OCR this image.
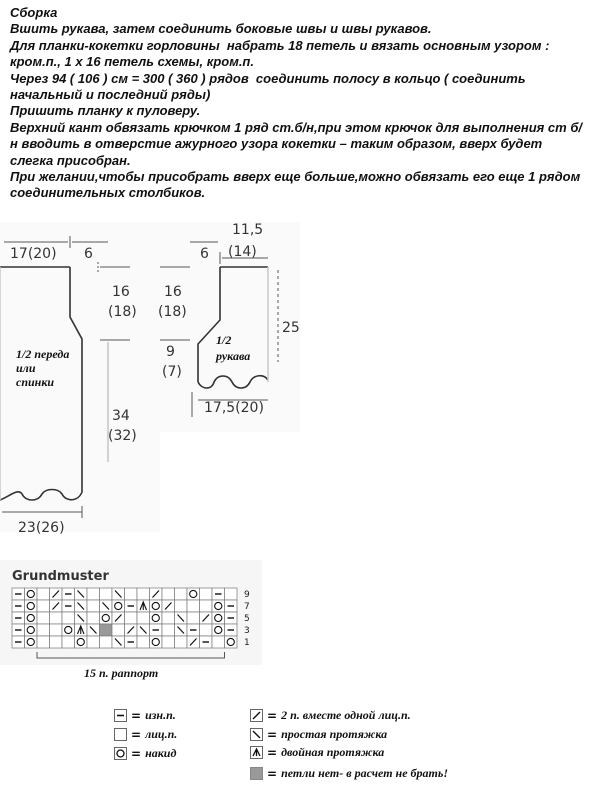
Сборка

Вшить рукава, затем соединить боковые швы и швы рукавов.

Для планки-кокетки горловины  набрать 18 петель и вязать основным узором : кром.п., 1 х 16 петель схемы, кром.п.

Через 94 ( 106 ) см = 300 ( 360 ) рядов  соединить полосу в кольцо ( соединить начальный и последний ряды)

Пришить планку к пуловеру.

Верхний кант обвязать крючком 1 ряд ст.б/н,при этом крючок для выполнения ст б/н вводить в отверстие ажурного узора кокетки – таким образом, вверх будет слегка присобран.

При желании,чтобы присобрать вверх еще больше,можно обвязать его еще 1 рядом соединительных столбиков.

17(20) 6
16
(18)
34
(32)
23(26)
1/2 переда
или
спинки
11,5
(14)
6
16
(18)
9
(7)
25
17,5(20)
1/2
рукава
Grundmuster
9
7
5
3
1
15 п. раппорт
= изн.п.
= лиц.п.
= накид
= 2 п. вместе одной лиц.п.
= простая протяжка
= двойная протяжка
= петли нет- в расчет не брать!
